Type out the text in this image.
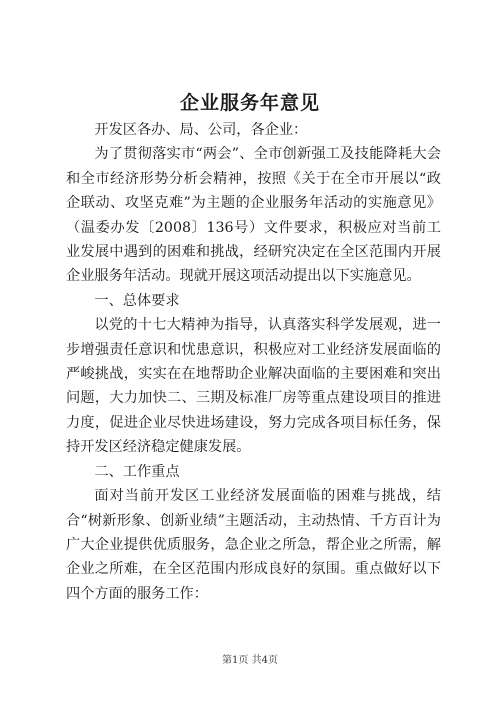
企业服务年意见

开发区各办、局、公司，各企业：

为了贯彻落实市“两会”、全市创新强工及技能降耗大会和全市经济形势分析会精神，按照《关于在全市开展以“政企联动、攻坚克难”为主题的企业服务年活动的实施意见》（温委办发〔2008〕136号）文件要求，积极应对当前工业发展中遇到的困难和挑战，经研究决定在全区范围内开展企业服务年活动。现就开展这项活动提出以下实施意见。

一、总体要求

以党的十七大精神为指导，认真落实科学发展观，进一步增强责任意识和忧患意识，积极应对工业经济发展面临的严峻挑战，实实在在地帮助企业解决面临的主要困难和突出问题，大力加快二、三期及标准厂房等重点建设项目的推进力度，促进企业尽快进场建设，努力完成各项目标任务，保持开发区经济稳定健康发展。

二、工作重点

面对当前开发区工业经济发展面临的困难与挑战，结合“树新形象、创新业绩”主题活动，主动热情、千方百计为广大企业提供优质服务，急企业之所急，帮企业之所需，解企业之所难，在全区范围内形成良好的氛围。重点做好以下四个方面的服务工作：

第1页 共4页
